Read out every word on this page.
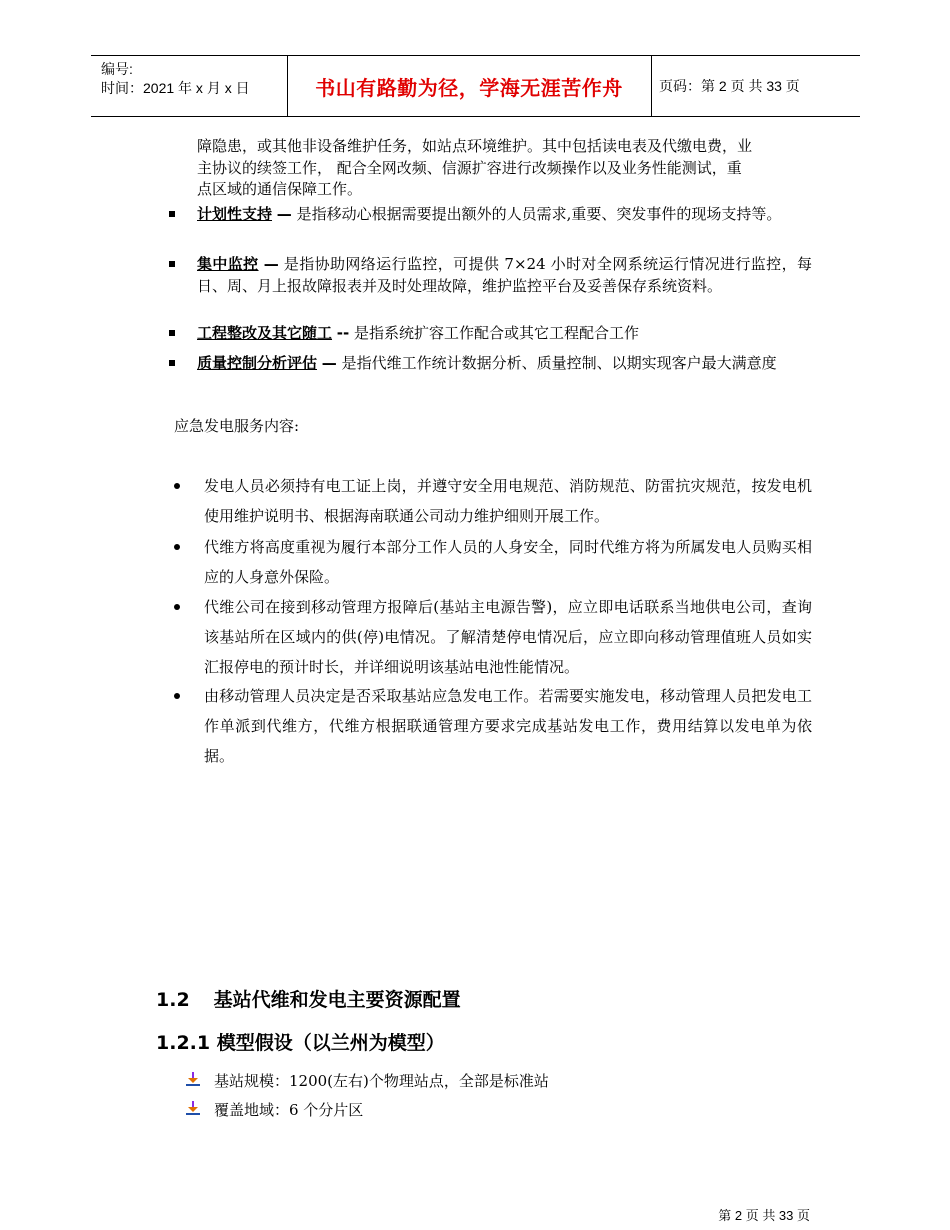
编号:
时间：2021 年 x 月 x 日	书山有路勤为径，学海无涯苦作舟	页码：第 2 页 共 33 页
障隐患，或其他非设备维护任务，如站点环境维护。其中包括读电表及代缴电费，业
主协议的续签工作， 配合全网改频、信源扩容进行改频操作以及业务性能测试，重
点区域的通信保障工作。
计划性支持 — 是指移动心根据需要提出额外的人员需求,重要、突发事件的现场支持等。
集中监控 — 是指协助网络运行监控，可提供 7×24 小时对全网系统运行情况进行监控，每日、周、月上报故障报表并及时处理故障，维护监控平台及妥善保存系统资料。
工程整改及其它随工 -- 是指系统扩容工作配合或其它工程配合工作
质量控制分析评估 — 是指代维工作统计数据分析、质量控制、以期实现客户最大满意度
应急发电服务内容:
发电人员必须持有电工证上岗，并遵守安全用电规范、消防规范、防雷抗灾规范，按发电机使用维护说明书、根据海南联通公司动力维护细则开展工作。
代维方将高度重视为履行本部分工作人员的人身安全，同时代维方将为所属发电人员购买相应的人身意外保险。
代维公司在接到移动管理方报障后(基站主电源告警)，应立即电话联系当地供电公司，查询该基站所在区域内的供(停)电情况。了解清楚停电情况后，应立即向移动管理值班人员如实汇报停电的预计时长，并详细说明该基站电池性能情况。
由移动管理人员决定是否采取基站应急发电工作。若需要实施发电，移动管理人员把发电工作单派到代维方，代维方根据联通管理方要求完成基站发电工作，费用结算以发电单为依据。
1.2 基站代维和发电主要资源配置
1.2.1 模型假设（以兰州为模型）
基站规模：1200(左右)个物理站点，全部是标准站
覆盖地域：6 个分片区
第 2 页 共 33 页
